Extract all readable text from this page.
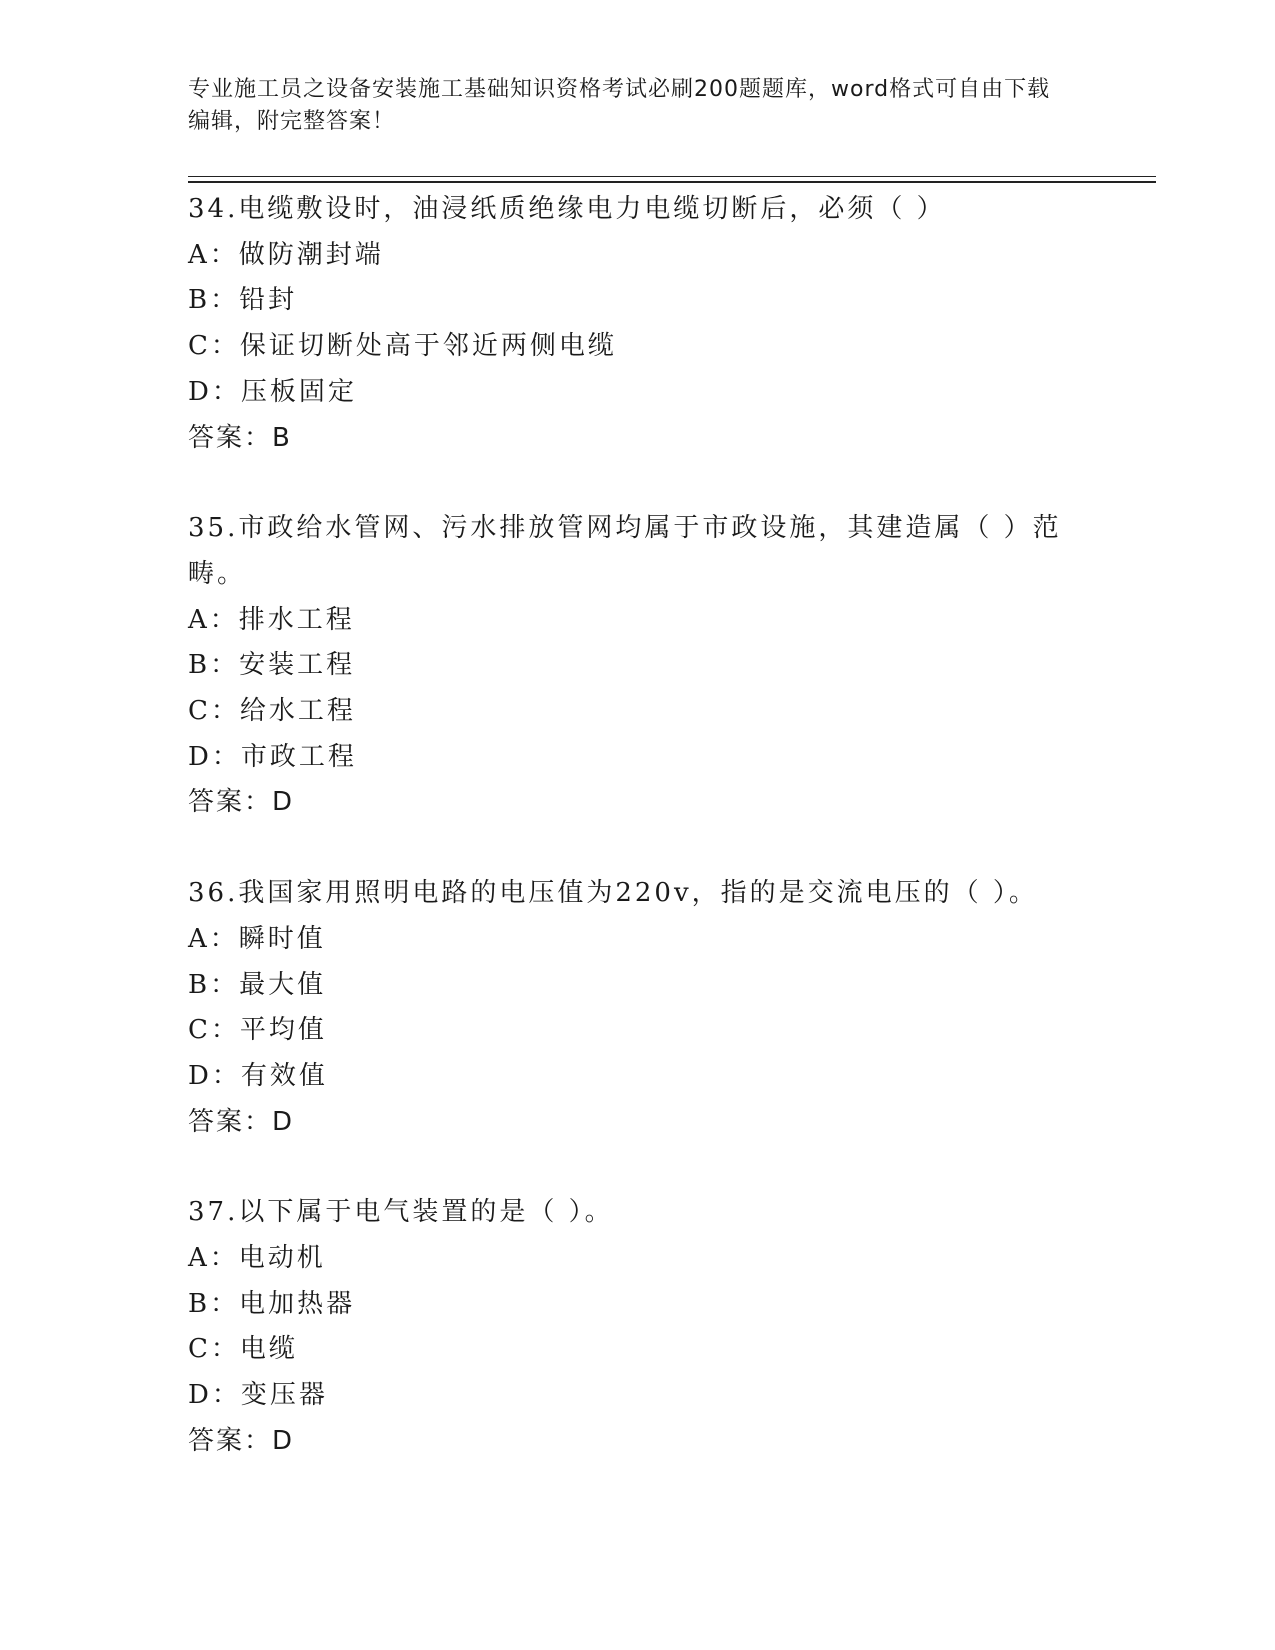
专业施工员之设备安装施工基础知识资格考试必刷200题题库，word格式可自由下载编辑，附完整答案！
34.电缆敷设时，油浸纸质绝缘电力电缆切断后，必须（ ）
A：做防潮封端
B：铅封
C：保证切断处高于邻近两侧电缆
D：压板固定
答案：B
35.市政给水管网、污水排放管网均属于市政设施，其建造属（ ）范畴。
A：排水工程
B：安装工程
C：给水工程
D：市政工程
答案：D
36.我国家用照明电路的电压值为220v，指的是交流电压的（ ）。
A：瞬时值
B：最大值
C：平均值
D：有效值
答案：D
37.以下属于电气装置的是（ ）。
A：电动机
B：电加热器
C：电缆
D：变压器
答案：D
